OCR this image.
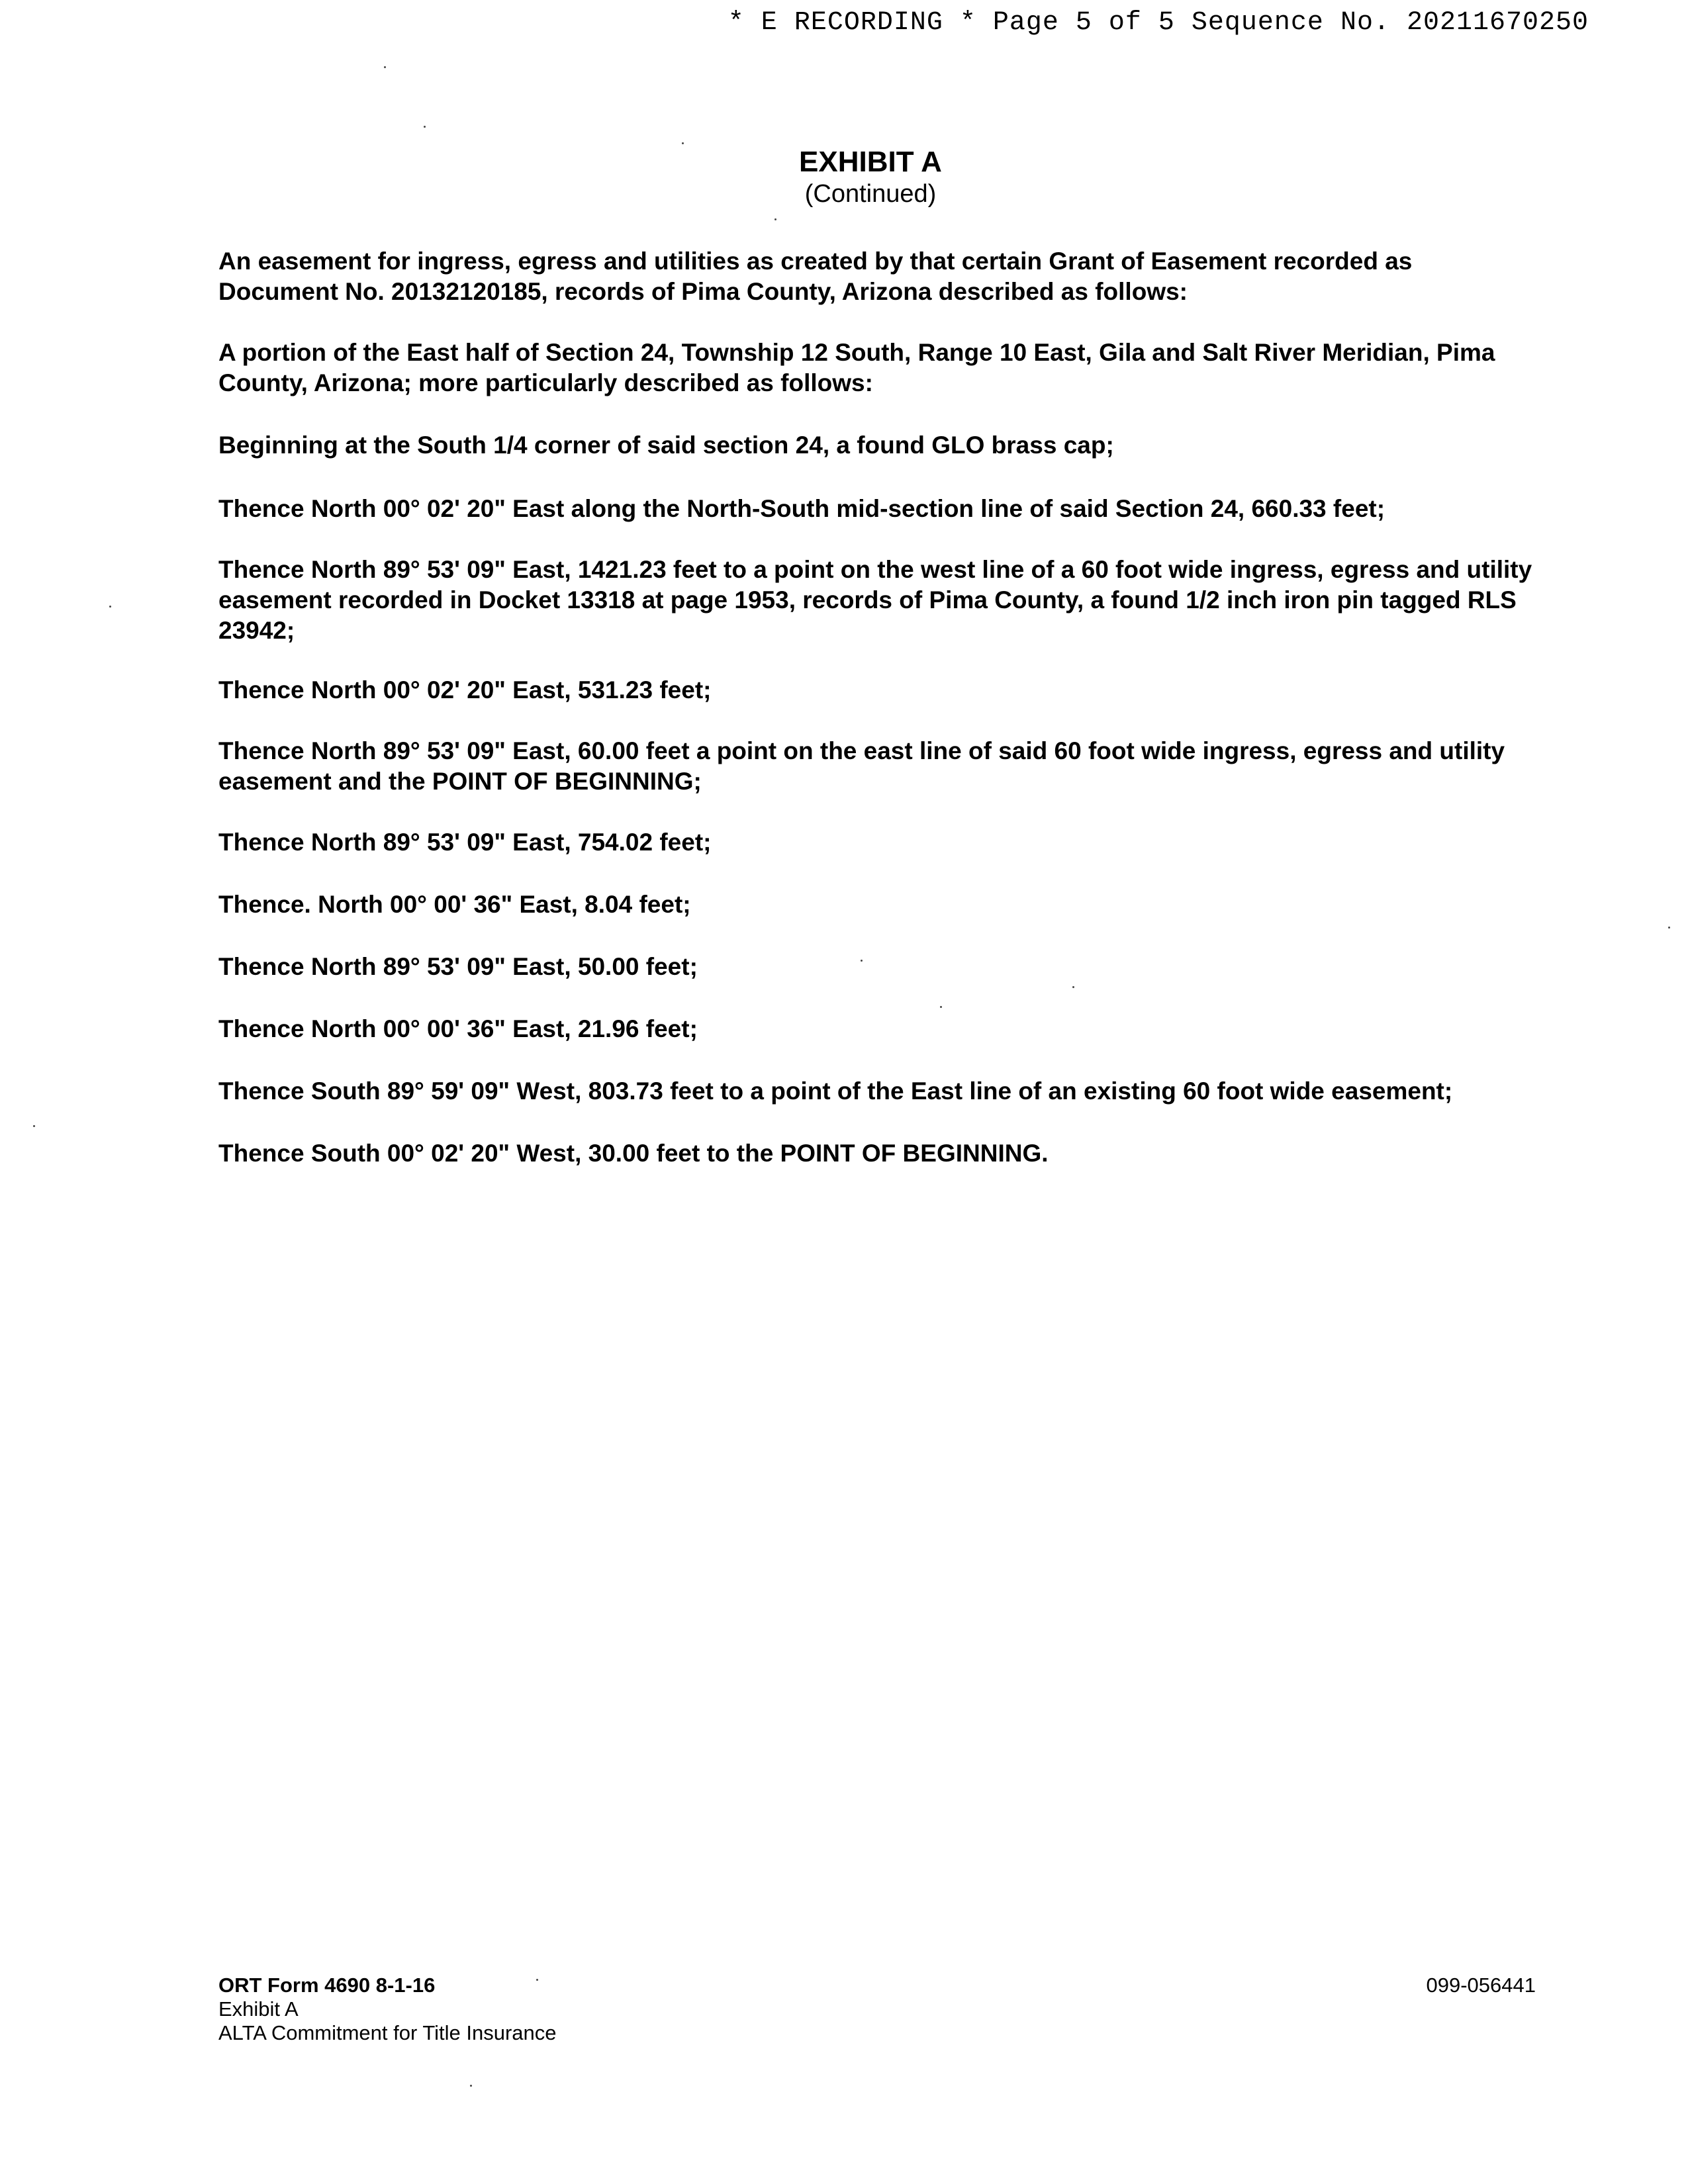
* E RECORDING * Page 5 of 5 Sequence No. 20211670250
EXHIBIT A
(Continued)

An easement for ingress, egress and utilities as created by that certain Grant of Easement recorded as Document No. 20132120185, records of Pima County, Arizona described as follows:

A portion of the East half of Section 24, Township 12 South, Range 10 East, Gila and Salt River Meridian, Pima County, Arizona; more particularly described as follows:

Beginning at the South 1/4 corner of said section 24, a found GLO brass cap;

Thence North 00° 02' 20" East along the North-South mid-section line of said Section 24, 660.33 feet;

Thence North 89° 53' 09" East, 1421.23 feet to a point on the west line of a 60 foot wide ingress, egress and utility easement recorded in Docket 13318 at page 1953, records of Pima County, a found 1/2 inch iron pin tagged RLS 23942;

Thence North 00° 02' 20" East, 531.23 feet;

Thence North 89° 53' 09" East, 60.00 feet a point on the east line of said 60 foot wide ingress, egress and utility easement and the POINT OF BEGINNING;

Thence North 89° 53' 09" East, 754.02 feet;

Thence. North 00° 00' 36" East, 8.04 feet;

Thence North 89° 53' 09" East, 50.00 feet;

Thence North 00° 00' 36" East, 21.96 feet;

Thence South 89° 59' 09" West, 803.73 feet to a point of the East line of an existing 60 foot wide easement;

Thence South 00° 02' 20" West, 30.00 feet to the POINT OF BEGINNING.

ORT Form 4690 8-1-16
Exhibit A
ALTA Commitment for Title Insurance
099-056441
